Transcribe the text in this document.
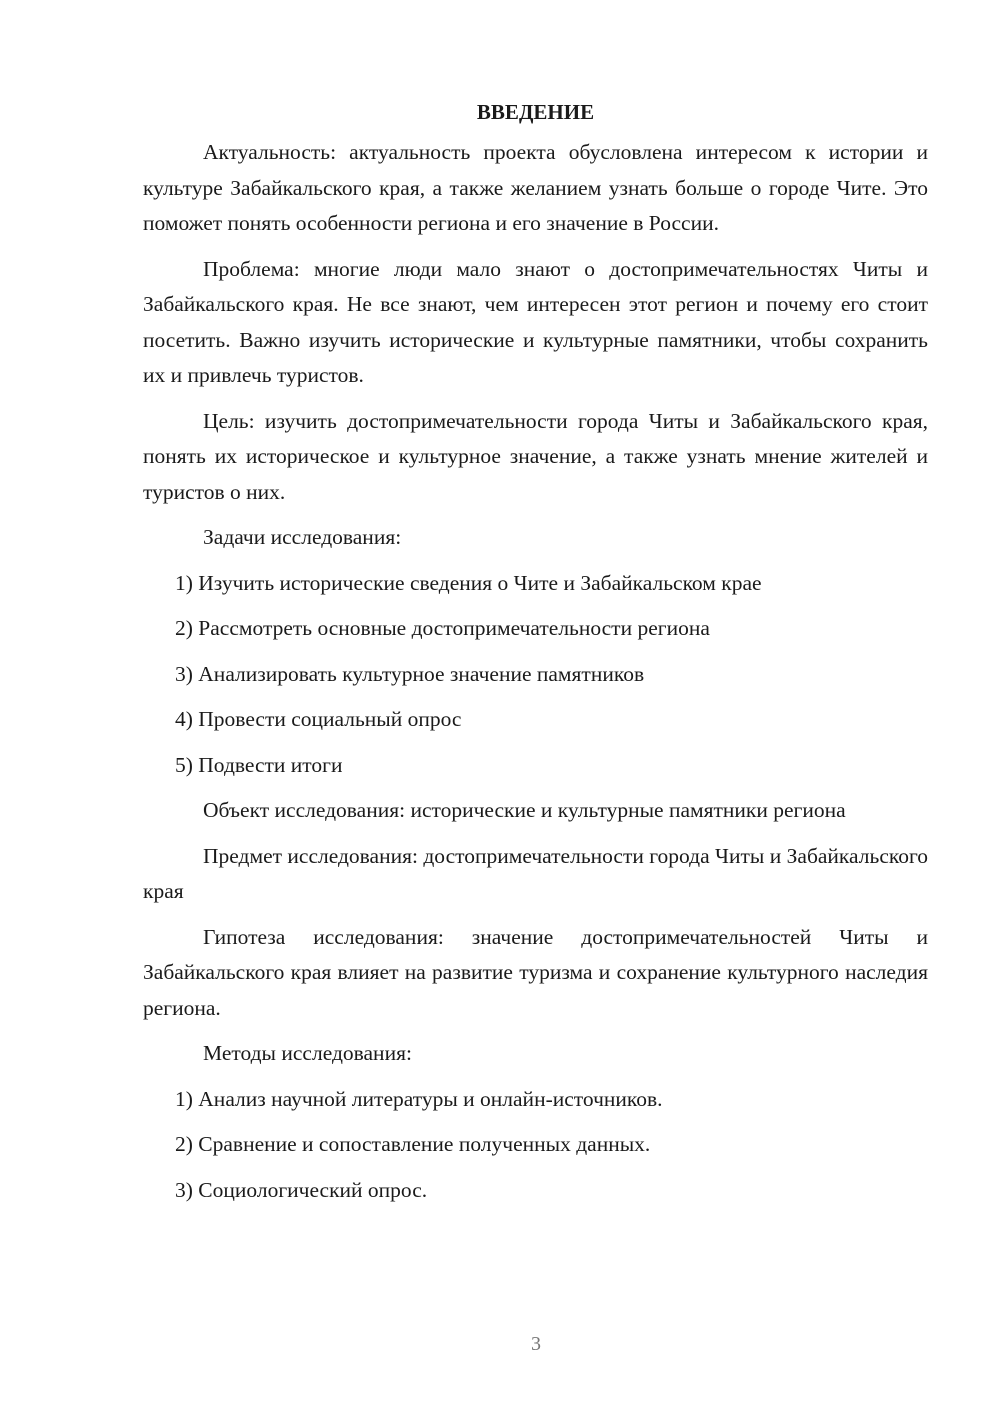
ВВЕДЕНИЕ

Актуальность: актуальность проекта обусловлена интересом к истории и культуре Забайкальского края, а также желанием узнать больше о городе Чите. Это поможет понять особенности региона и его значение в России.

Проблема: многие люди мало знают о достопримечательностях Читы и Забайкальского края. Не все знают, чем интересен этот регион и почему его стоит посетить. Важно изучить исторические и культурные памятники, чтобы сохранить их и привлечь туристов.

Цель: изучить достопримечательности города Читы и Забайкальского края, понять их историческое и культурное значение, а также узнать мнение жителей и туристов о них.

Задачи исследования:

1) Изучить исторические сведения о Чите и Забайкальском крае

2) Рассмотреть основные достопримечательности региона

3) Анализировать культурное значение памятников

4) Провести социальный опрос

5) Подвести итоги

Объект исследования: исторические и культурные памятники региона

Предмет исследования: достопримечательности города Читы и Забайкальского края

Гипотеза исследования: значение достопримечательностей Читы и Забайкальского края влияет на развитие туризма и сохранение культурного наследия региона.

Методы исследования:

1) Анализ научной литературы и онлайн-источников.

2) Сравнение и сопоставление полученных данных.

3) Социологический опрос.

3
